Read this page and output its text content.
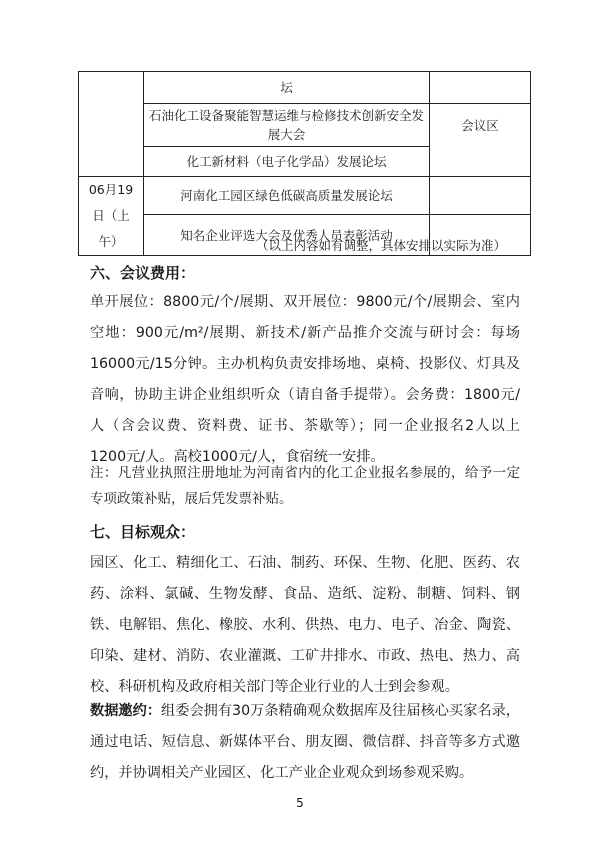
	坛	
	石油化工设备聚能智慧运维与检修技术创新安全发展大会	会议区
	化工新材料（电子化学品）发展论坛	
06月19日（上午）	河南化工园区绿色低碳高质量发展论坛	
	知名企业评选大会及优秀人员表彰活动	
（以上内容如有调整，具体安排以实际为准）
六、会议费用：
单开展位：8800元/个/展期、双开展位：9800元/个/展期会、室内空地：900元/m²/展期、新技术/新产品推介交流与研讨会：每场16000元/15分钟。主办机构负责安排场地、桌椅、投影仪、灯具及音响，协助主讲企业组织听众（请自备手提带）。会务费：1800元/人（含会议费、资料费、证书、茶歇等）；同一企业报名2人以上1200元/人。高校1000元/人，食宿统一安排。
注：凡营业执照注册地址为河南省内的化工企业报名参展的，给予一定专项政策补贴，展后凭发票补贴。
七、目标观众：
园区、化工、精细化工、石油、制药、环保、生物、化肥、医药、农药、涂料、氯碱、生物发酵、食品、造纸、淀粉、制糖、饲料、钢铁、电解铝、焦化、橡胶、水利、供热、电力、电子、冶金、陶瓷、印染、建材、消防、农业灌溉、工矿井排水、市政、热电、热力、高校、科研机构及政府相关部门等企业行业的人士到会参观。
数据邀约：组委会拥有30万条精确观众数据库及往届核心买家名录，通过电话、短信息、新媒体平台、朋友圈、微信群、抖音等多方式邀约，并协调相关产业园区、化工产业企业观众到场参观采购。
5
